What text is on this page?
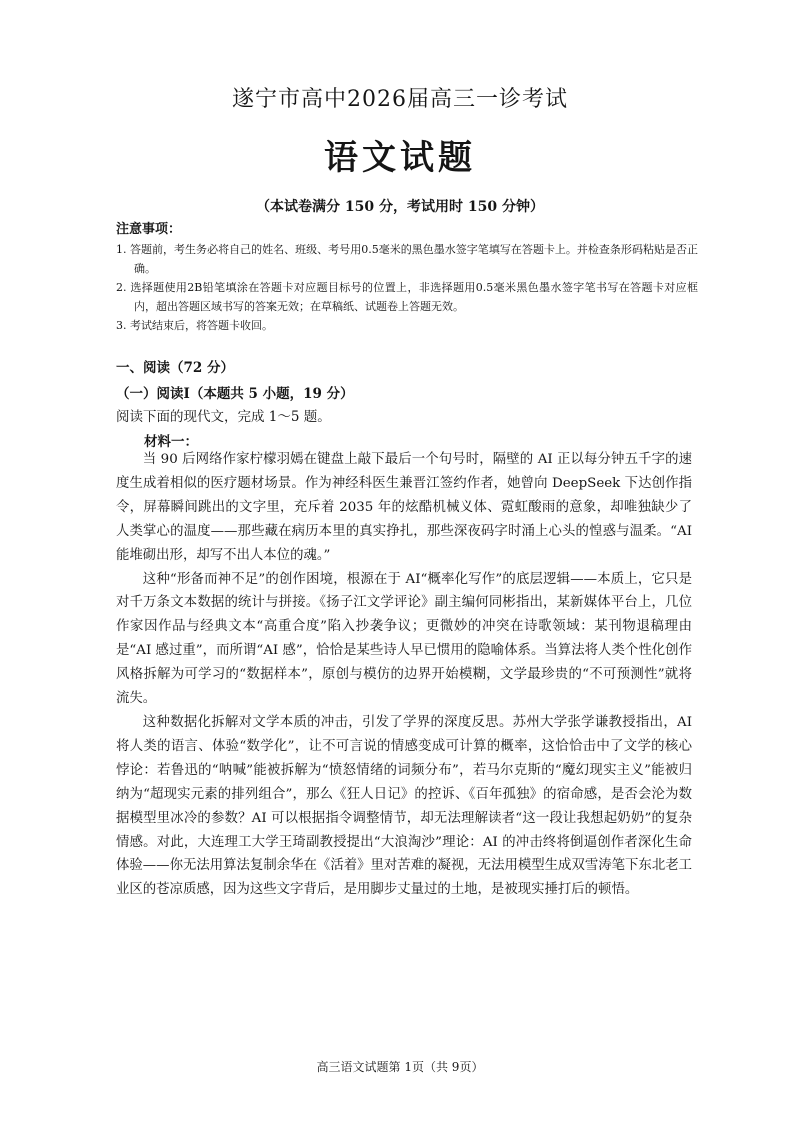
遂宁市高中2026届高三一诊考试
语文试题
（本试卷满分 150 分，考试用时 150 分钟）
注意事项：

1. 答题前，考生务必将自己的姓名、班级、考号用0.5毫米的黑色墨水签字笔填写在答题卡上。并检查条形码粘贴是否正确。

2. 选择题使用2B铅笔填涂在答题卡对应题目标号的位置上，非选择题用0.5毫米黑色墨水签字笔书写在答题卡对应框内，超出答题区域书写的答案无效；在草稿纸、试题卷上答题无效。

3. 考试结束后，将答题卡收回。

一、阅读（72 分）
（一）阅读Ⅰ（本题共 5 小题，19 分）
阅读下面的现代文，完成 1～5 题。
材料一：

当 90 后网络作家柠檬羽嫣在键盘上敲下最后一个句号时，隔壁的 AI 正以每分钟五千字的速度生成着相似的医疗题材场景。作为神经科医生兼晋江签约作者，她曾向 DeepSeek 下达创作指令，屏幕瞬间跳出的文字里，充斥着 2035 年的炫酷机械义体、霓虹酸雨的意象，却唯独缺少了人类掌心的温度——那些藏在病历本里的真实挣扎，那些深夜码字时涌上心头的惶惑与温柔。“AI 能堆砌出形，却写不出人本位的魂。”

这种“形备而神不足”的创作困境，根源在于 AI“概率化写作”的底层逻辑——本质上，它只是对千万条文本数据的统计与拼接。《扬子江文学评论》副主编何同彬指出，某新媒体平台上，几位作家因作品与经典文本“高重合度”陷入抄袭争议；更微妙的冲突在诗歌领域：某刊物退稿理由是“AI 感过重”，而所谓“AI 感”，恰恰是某些诗人早已惯用的隐喻体系。当算法将人类个性化创作风格拆解为可学习的“数据样本”，原创与模仿的边界开始模糊，文学最珍贵的“不可预测性”就将流失。

这种数据化拆解对文学本质的冲击，引发了学界的深度反思。苏州大学张学谦教授指出，AI 将人类的语言、体验“数学化”，让不可言说的情感变成可计算的概率，这恰恰击中了文学的核心悖论：若鲁迅的“呐喊”能被拆解为“愤怒情绪的词频分布”，若马尔克斯的“魔幻现实主义”能被归纳为“超现实元素的排列组合”，那么《狂人日记》的控诉、《百年孤独》的宿命感，是否会沦为数据模型里冰冷的参数？AI 可以根据指令调整情节，却无法理解读者“这一段让我想起奶奶”的复杂情感。对此，大连理工大学王琦副教授提出“大浪淘沙”理论：AI 的冲击终将倒逼创作者深化生命体验——你无法用算法复制余华在《活着》里对苦难的凝视，无法用模型生成双雪涛笔下东北老工业区的苍凉质感，因为这些文字背后，是用脚步丈量过的土地，是被现实捶打后的顿悟。

高三语文试题第 1页（共 9页）
